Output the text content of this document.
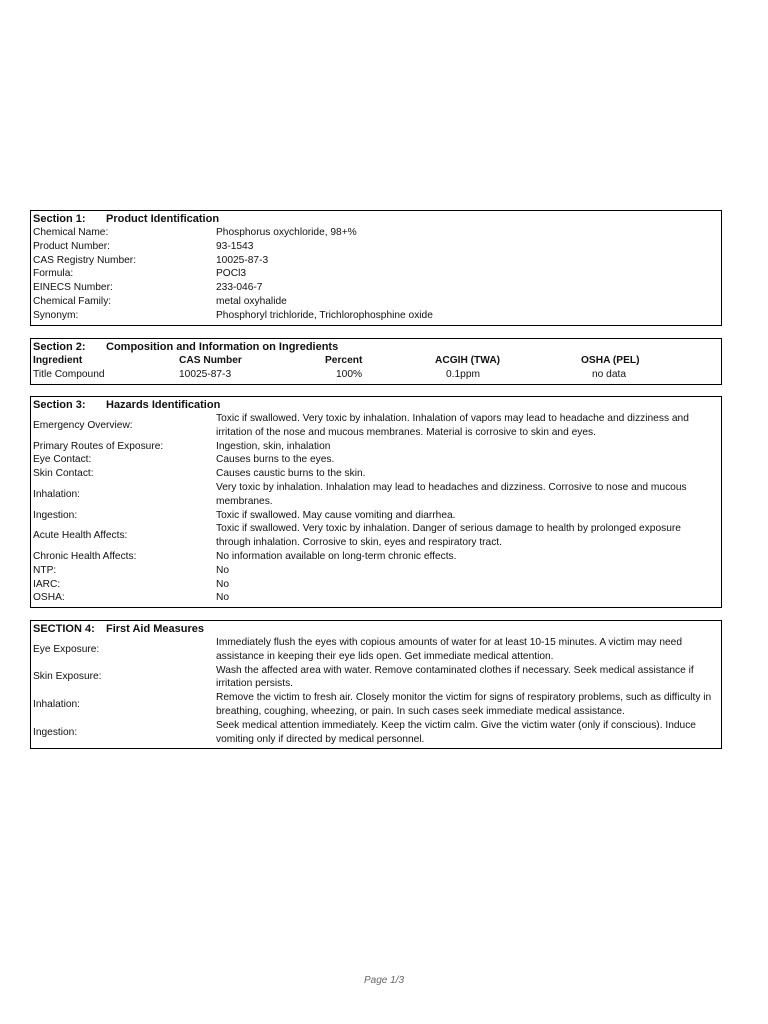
Section 1:	Product Identification
Chemical Name:	Phosphorus oxychloride, 98+%
Product Number:	93-1543
CAS Registry Number:	10025-87-3
Formula:	POCl3
EINECS Number:	233-046-7
Chemical Family:	metal oxyhalide
Synonym:	Phosphoryl trichloride, Trichlorophosphine oxide
Section 2:	Composition and Information on Ingredients
Ingredient	CAS Number	Percent	ACGIH (TWA)	OSHA (PEL)
Title Compound	10025-87-3	100%	0.1ppm	no data
Section 3:	Hazards Identification
Emergency Overview:
Toxic if swallowed. Very toxic by inhalation. Inhalation of vapors may lead to headache and dizziness and irritation of the nose and mucous membranes. Material is corrosive to skin and eyes.
Primary Routes of Exposure:	Ingestion, skin, inhalation
Eye Contact:	Causes burns to the eyes.
Skin Contact:	Causes caustic burns to the skin.
Inhalation:
Very toxic by inhalation. Inhalation may lead to headaches and dizziness. Corrosive to nose and mucous membranes.
Ingestion:	Toxic if swallowed. May cause vomiting and diarrhea.
Acute Health Affects:
Toxic if swallowed. Very toxic by inhalation. Danger of serious damage to health by prolonged exposure through inhalation. Corrosive to skin, eyes and respiratory tract.
Chronic Health Affects:	No information available on long-term chronic effects.
NTP:	No
IARC:	No
OSHA:	No
SECTION 4:	First Aid Measures
Eye Exposure:
Immediately flush the eyes with copious amounts of water for at least 10-15 minutes. A victim may need assistance in keeping their eye lids open. Get immediate medical attention.
Skin Exposure:
Wash the affected area with water. Remove contaminated clothes if necessary. Seek medical assistance if irritation persists.
Inhalation:
Remove the victim to fresh air. Closely monitor the victim for signs of respiratory problems, such as difficulty in breathing, coughing, wheezing, or pain. In such cases seek immediate medical assistance.
Ingestion:
Seek medical attention immediately. Keep the victim calm. Give the victim water (only if conscious). Induce vomiting only if directed by medical personnel.
Page 1/3
